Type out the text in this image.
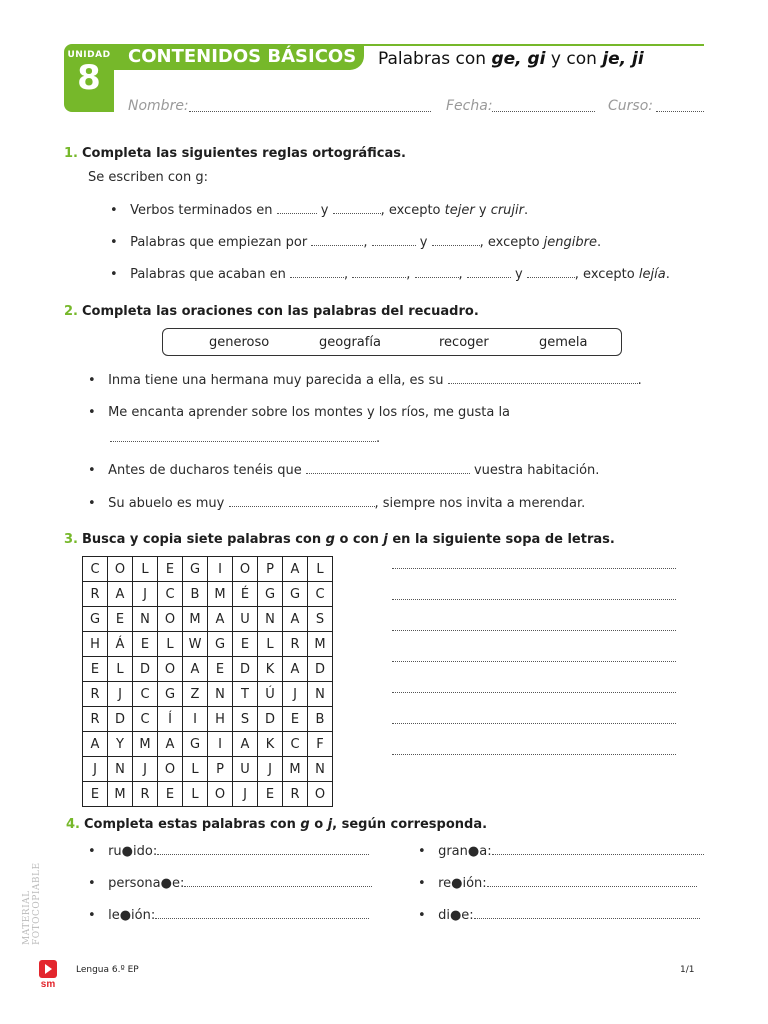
UNIDAD
8
CONTENIDOS BÁSICOS	Palabras con ge, gi y con je, ji
Nombre:	Fecha:	Curso:
1. Completa las siguientes reglas ortográficas.
Se escriben con g:
•   Verbos terminados en	y	, excepto tejer y crujir.
•   Palabras que empiezan por	,	y	, excepto jengibre.
•   Palabras que acaban en	,	,	,	y	, excepto lejía.
2. Completa las oraciones con las palabras del recuadro.
generoso	geografía	recoger	gemela
•   Inma tiene una hermana muy parecida a ella, es su	.
•   Me encanta aprender sobre los montes y los ríos, me gusta la
.
•   Antes de ducharos tenéis que	vuestra habitación.
•   Su abuelo es muy	, siempre nos invita a merendar.
3. Busca y copia siete palabras con g o con j en la siguiente sopa de letras.
C	O	L	E	G	I	O	P	A	L
R	A	J	C	B	M	É	G	G	C
G	E	N	O	M	A	U	N	A	S
H	Á	E	L	W	G	E	L	R	M
E	L	D	O	A	E	D	K	A	D
R	J	C	G	Z	N	T	Ú	J	N
R	D	C	Í	I	H	S	D	E	B
A	Y	M	A	G	I	A	K	C	F
J	N	J	O	L	P	U	J	M	N
E	M	R	E	L	O	J	E	R	O
4. Completa estas palabras con g o j, según corresponda.
•   ru●ido:
•   persona●e:
•   le●ión:
•   gran●a:
•   re●ión:
•   di●e:
MATERIAL FOTOCOPIABLE
sm
Lengua 6.º EP	1/1
